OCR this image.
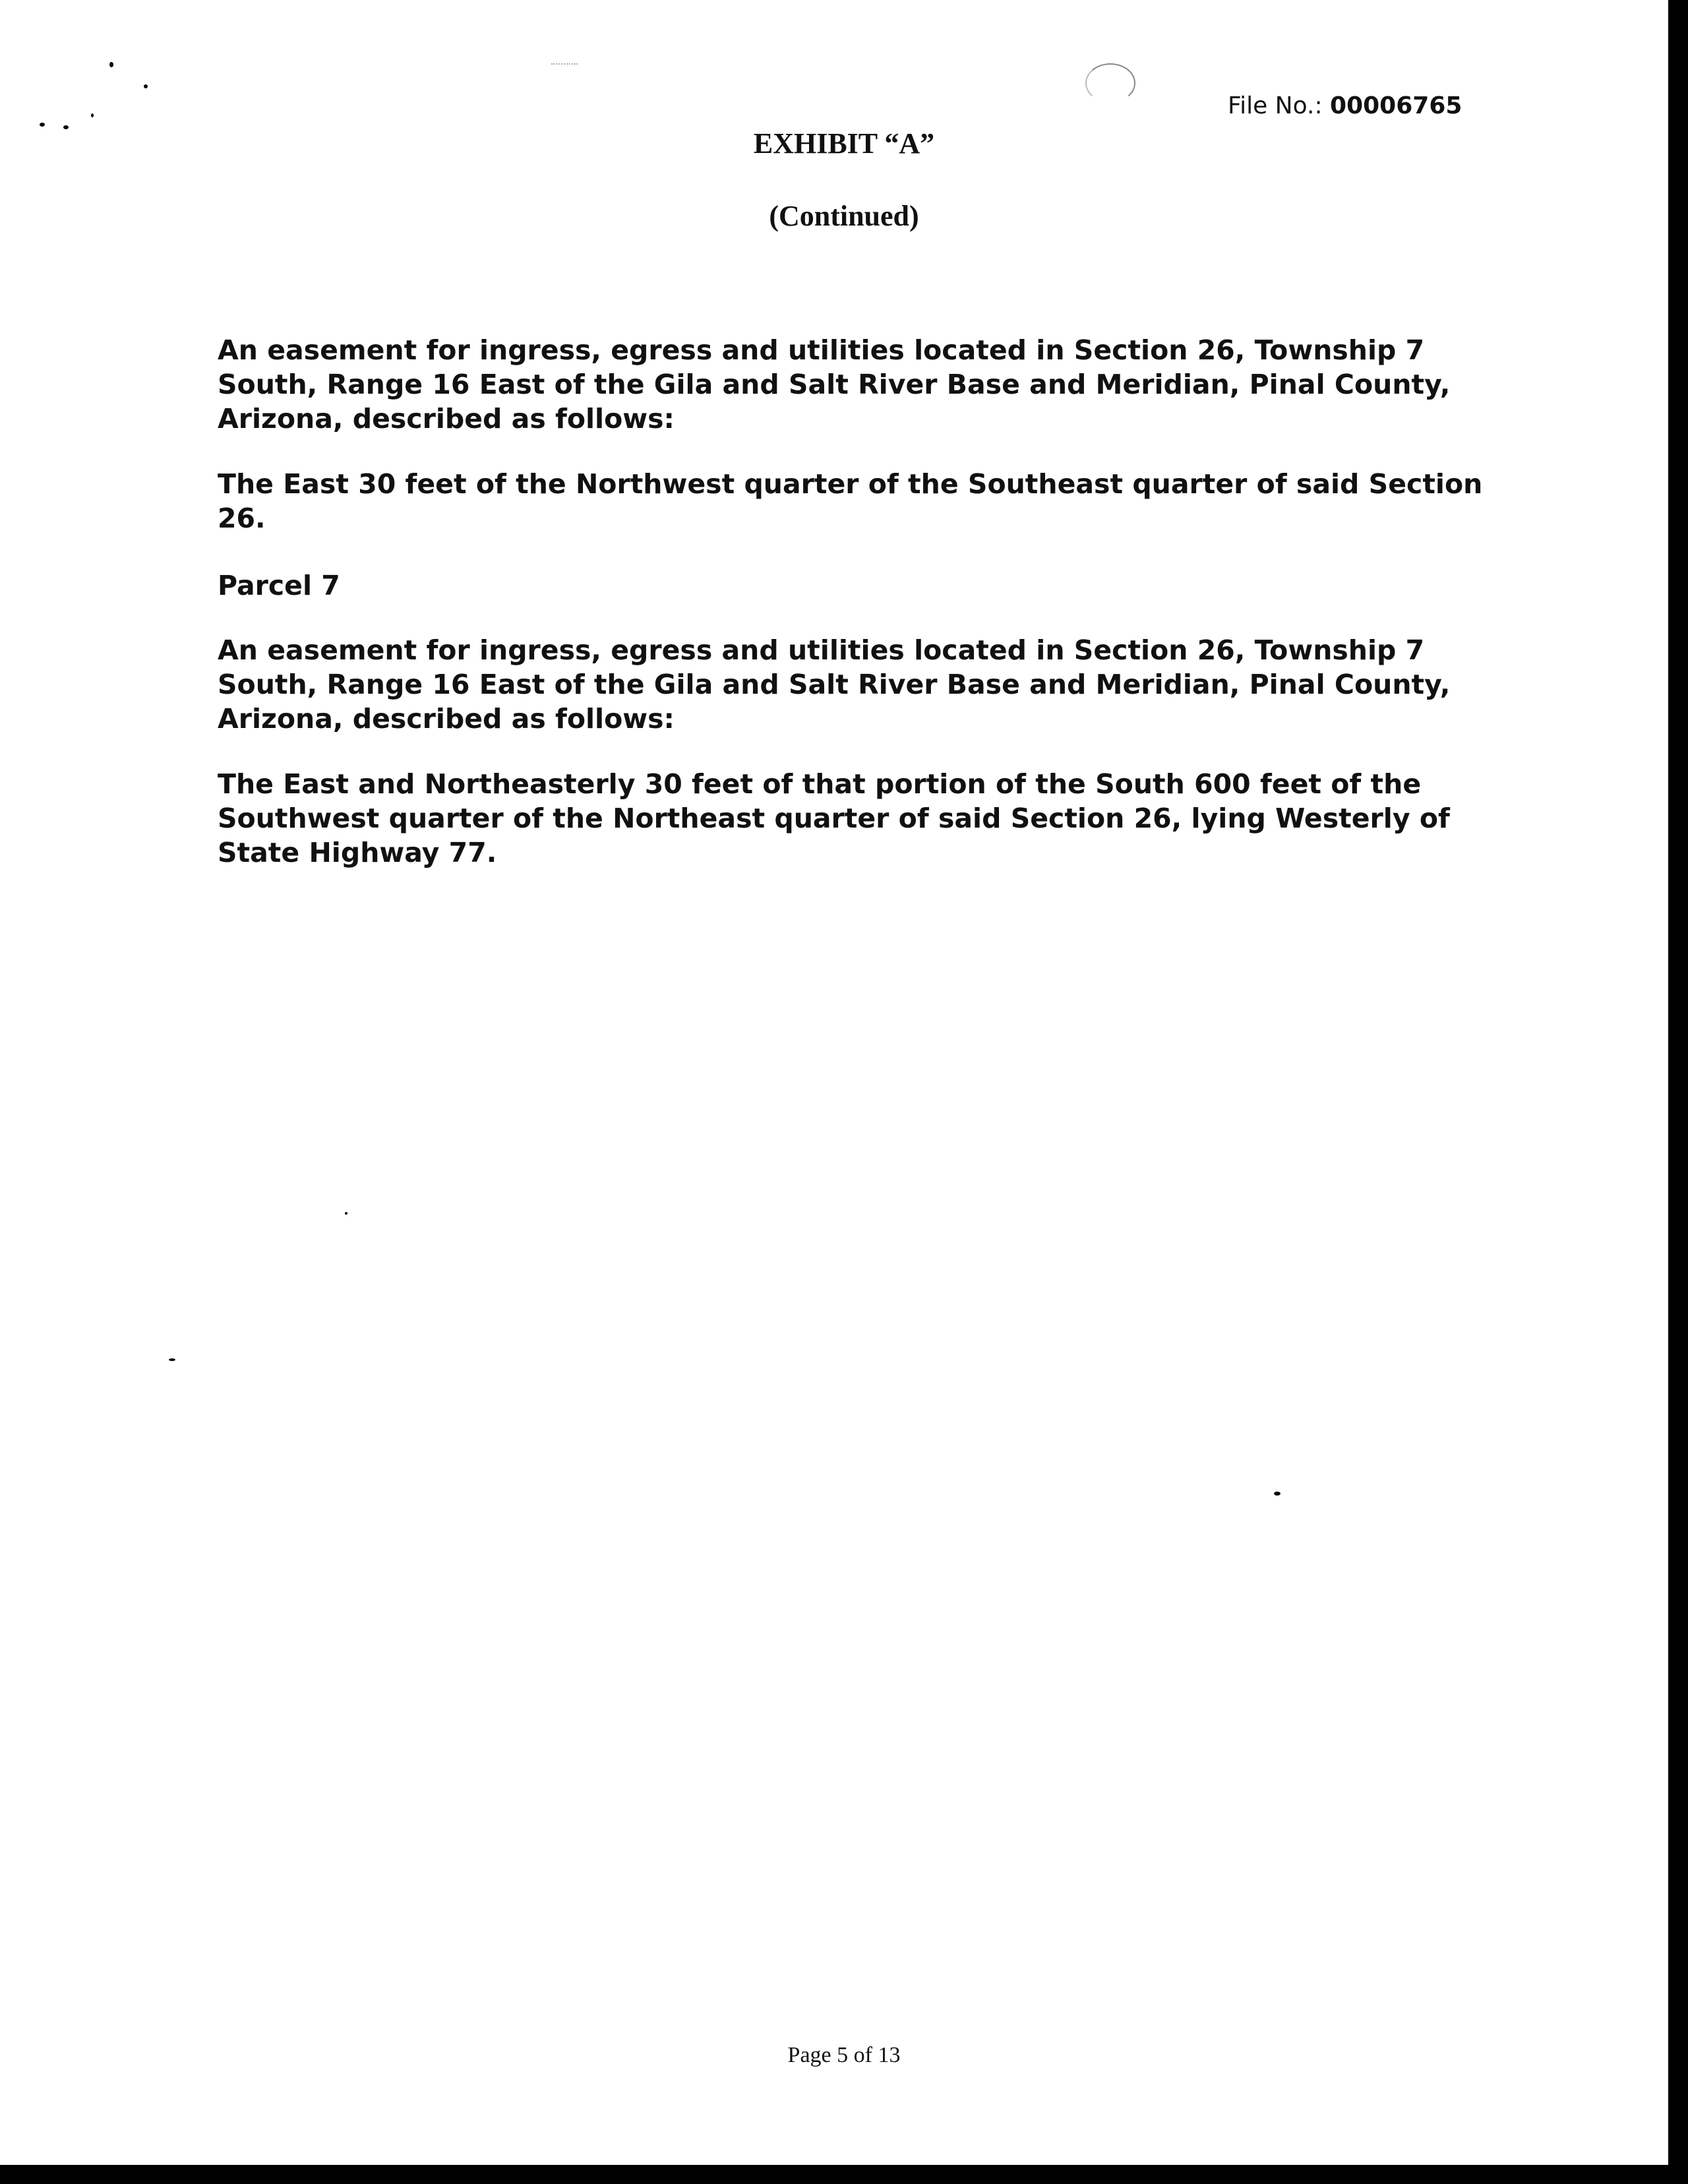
File No.: 00006765
EXHIBIT “A”
(Continued)
An easement for ingress, egress and utilities located in Section 26, Township 7 South, Range 16 East of the Gila and Salt River Base and Meridian, Pinal County, Arizona, described as follows:
The East 30 feet of the Northwest quarter of the Southeast quarter of said Section 26.
Parcel 7
An easement for ingress, egress and utilities located in Section 26, Township 7 South, Range 16 East of the Gila and Salt River Base and Meridian, Pinal County, Arizona, described as follows:
The East and Northeasterly 30 feet of that portion of the South 600 feet of the Southwest quarter of the Northeast quarter of said Section 26, lying Westerly of State Highway 77.
Page 5 of 13
